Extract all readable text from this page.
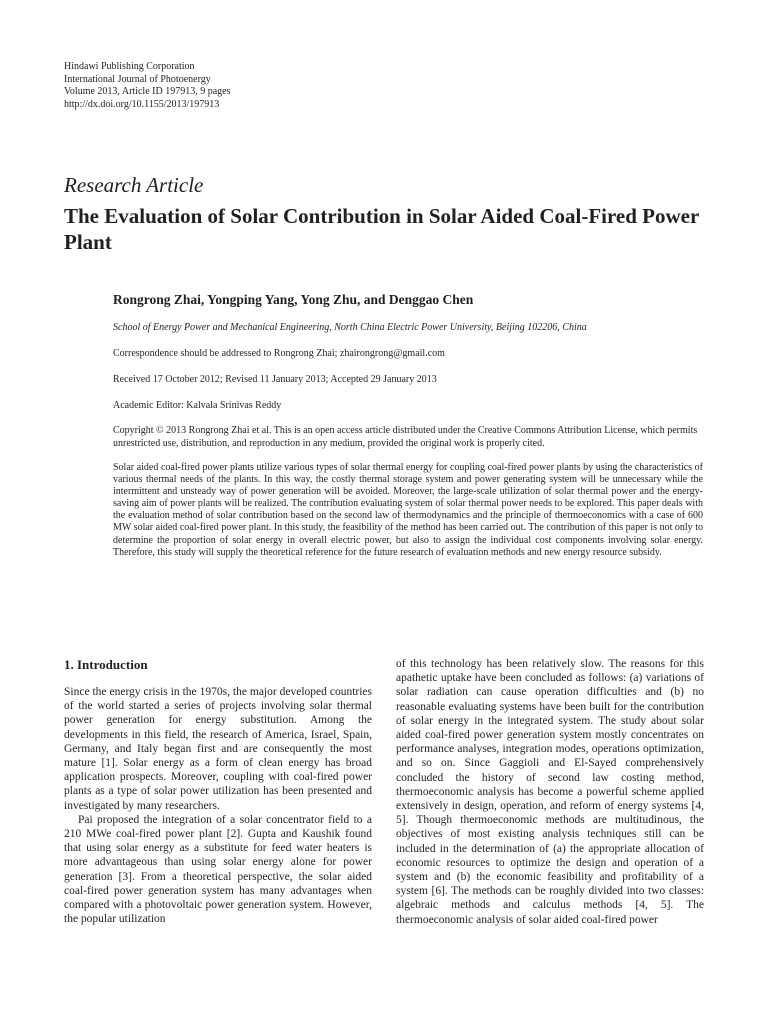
Hindawi Publishing Corporation
International Journal of Photoenergy
Volume 2013, Article ID 197913, 9 pages
http://dx.doi.org/10.1155/2013/197913
Research Article
The Evaluation of Solar Contribution in Solar Aided Coal-Fired Power Plant
Rongrong Zhai, Yongping Yang, Yong Zhu, and Denggao Chen
School of Energy Power and Mechanical Engineering, North China Electric Power University, Beijing 102206, China
Correspondence should be addressed to Rongrong Zhai; zhairongrong@gmail.com
Received 17 October 2012; Revised 11 January 2013; Accepted 29 January 2013
Academic Editor: Kalvala Srinivas Reddy
Copyright © 2013 Rongrong Zhai et al. This is an open access article distributed under the Creative Commons Attribution License, which permits unrestricted use, distribution, and reproduction in any medium, provided the original work is properly cited.
Solar aided coal-fired power plants utilize various types of solar thermal energy for coupling coal-fired power plants by using the characteristics of various thermal needs of the plants. In this way, the costly thermal storage system and power generating system will be unnecessary while the intermittent and unsteady way of power generation will be avoided. Moreover, the large-scale utilization of solar thermal power and the energy-saving aim of power plants will be realized. The contribution evaluating system of solar thermal power needs to be explored. This paper deals with the evaluation method of solar contribution based on the second law of thermodynamics and the principle of thermoeconomics with a case of 600 MW solar aided coal-fired power plant. In this study, the feasibility of the method has been carried out. The contribution of this paper is not only to determine the proportion of solar energy in overall electric power, but also to assign the individual cost components involving solar energy. Therefore, this study will supply the theoretical reference for the future research of evaluation methods and new energy resource subsidy.
1. Introduction

Since the energy crisis in the 1970s, the major developed countries of the world started a series of projects involving solar thermal power generation for energy substitution. Among the developments in this field, the research of America, Israel, Spain, Germany, and Italy began first and are consequently the most mature [1]. Solar energy as a form of clean energy has broad application prospects. Moreover, coupling with coal-fired power plants as a type of solar power utilization has been presented and investigated by many researchers.

Pai proposed the integration of a solar concentrator field to a 210 MWe coal-fired power plant [2]. Gupta and Kaushik found that using solar energy as a substitute for feed water heaters is more advantageous than using solar energy alone for power generation [3]. From a theoretical perspective, the solar aided coal-fired power generation system has many advantages when compared with a photovoltaic power generation system. However, the popular utilization

of this technology has been relatively slow. The reasons for this apathetic uptake have been concluded as follows: (a) variations of solar radiation can cause operation difficulties and (b) no reasonable evaluating systems have been built for the contribution of solar energy in the integrated system. The study about solar aided coal-fired power generation system mostly concentrates on performance analyses, integration modes, operations optimization, and so on. Since Gaggioli and El-Sayed comprehensively concluded the history of second law costing method, thermoeconomic analysis has become a powerful scheme applied extensively in design, operation, and reform of energy systems [4, 5]. Though thermoeconomic methods are multitudinous, the objectives of most existing analysis techniques still can be included in the determination of (a) the appropriate allocation of economic resources to optimize the design and operation of a system and (b) the economic feasibility and profitability of a system [6]. The methods can be roughly divided into two classes: algebraic methods and calculus methods [4, 5]. The thermoeconomic analysis of solar aided coal-fired power
